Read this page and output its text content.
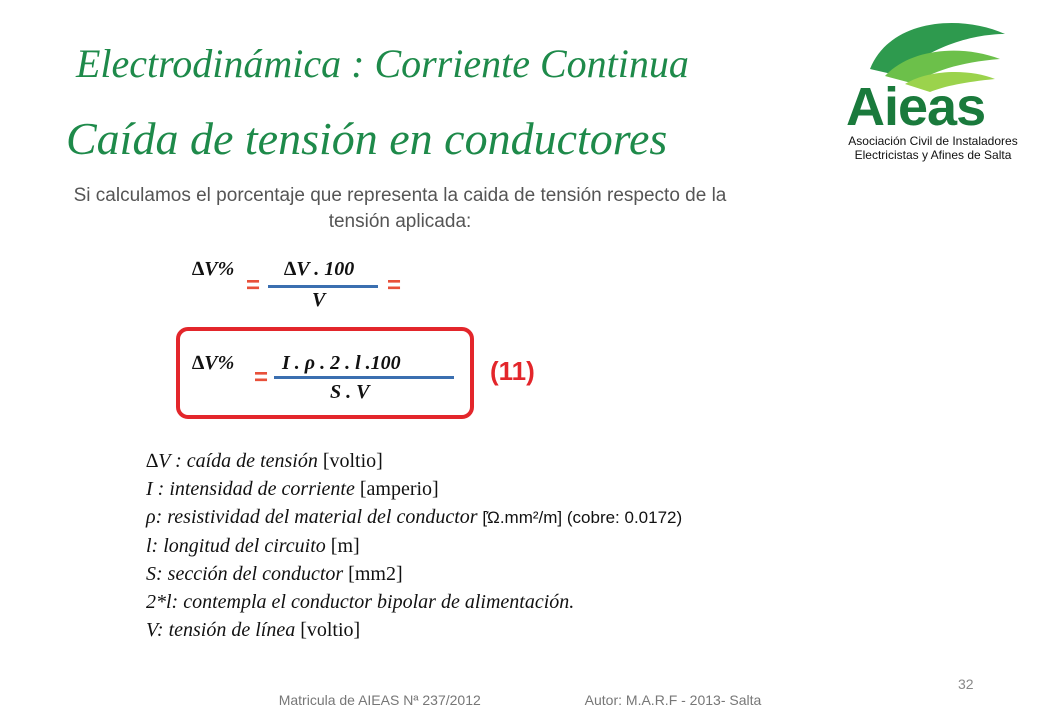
Electrodinámica : Corriente Continua
Caída de tensión en conductores
Aieas
Asociación Civil de Instaladores
Electricistas y Afines de Salta
Si calculamos el porcentaje que representa la caida de tensión respecto de la tensión aplicada:
∆V%
=
∆V . 100
V
=
∆V%
=
I . ρ . 2 . l .100
S . V
(11)
∆V : caída de tensión [voltio]
I : intensidad de corriente [amperio]
ρ: resistividad del material del conductor [Ώ.mm²/m] (cobre: 0.0172)
l: longitud del circuito [m]
S: sección del conductor [mm2]
2*l: contempla el conductor bipolar de alimentación.
V: tensión de línea [voltio]
Matricula de AIEAS Nª 237/2012	Autor: M.A.R.F - 2013- Salta
32
